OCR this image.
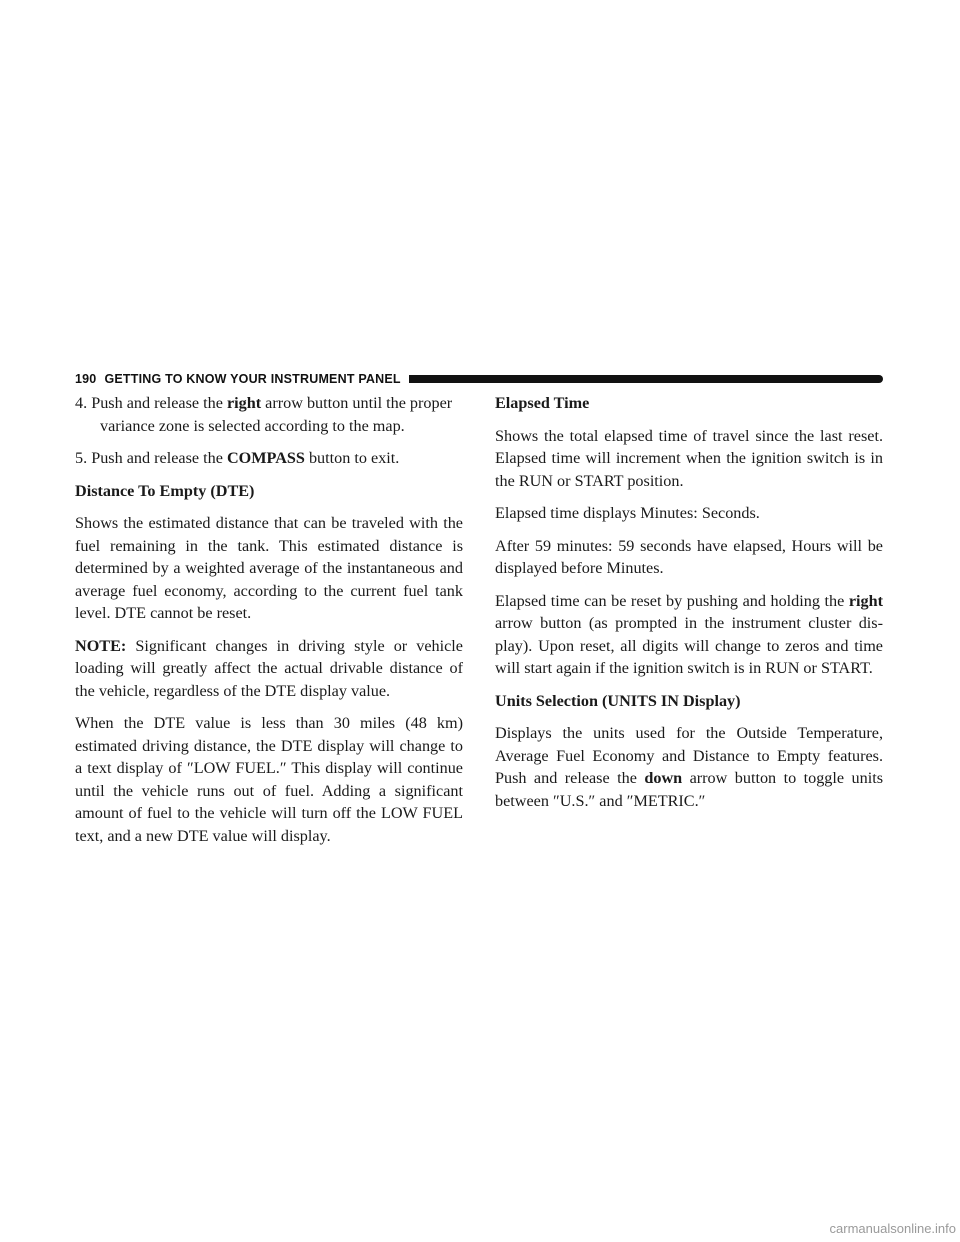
190 GETTING TO KNOW YOUR INSTRUMENT PANEL
4. Push and release the right arrow button until the proper variance zone is selected according to the map.
5. Push and release the COMPASS button to exit.
Distance To Empty (DTE)

Shows the estimated distance that can be traveled with the fuel remaining in the tank. This estimated distance is determined by a weighted average of the instantaneous and average fuel economy, according to the current fuel tank level. DTE cannot be reset.

NOTE: Significant changes in driving style or vehicle loading will greatly affect the actual drivable distance of the vehicle, regardless of the DTE display value.

When the DTE value is less than 30 miles (48 km) estimated driving distance, the DTE display will change to a text display of ″LOW FUEL.″ This display will continue until the vehicle runs out of fuel. Adding a significant amount of fuel to the vehicle will turn off the LOW FUEL text, and a new DTE value will display.

Elapsed Time

Shows the total elapsed time of travel since the last reset. Elapsed time will increment when the ignition switch is in the RUN or START position.

Elapsed time displays Minutes: Seconds.

After 59 minutes: 59 seconds have elapsed, Hours will be displayed before Minutes.

Elapsed time can be reset by pushing and holding the right arrow button (as prompted in the instrument cluster dis-play). Upon reset, all digits will change to zeros and time will start again if the ignition switch is in RUN or START.

Units Selection (UNITS IN Display)

Displays the units used for the Outside Temperature, Average Fuel Economy and Distance to Empty features. Push and release the down arrow button to toggle units between ″U.S.″ and ″METRIC.″

carmanualsonline.info
